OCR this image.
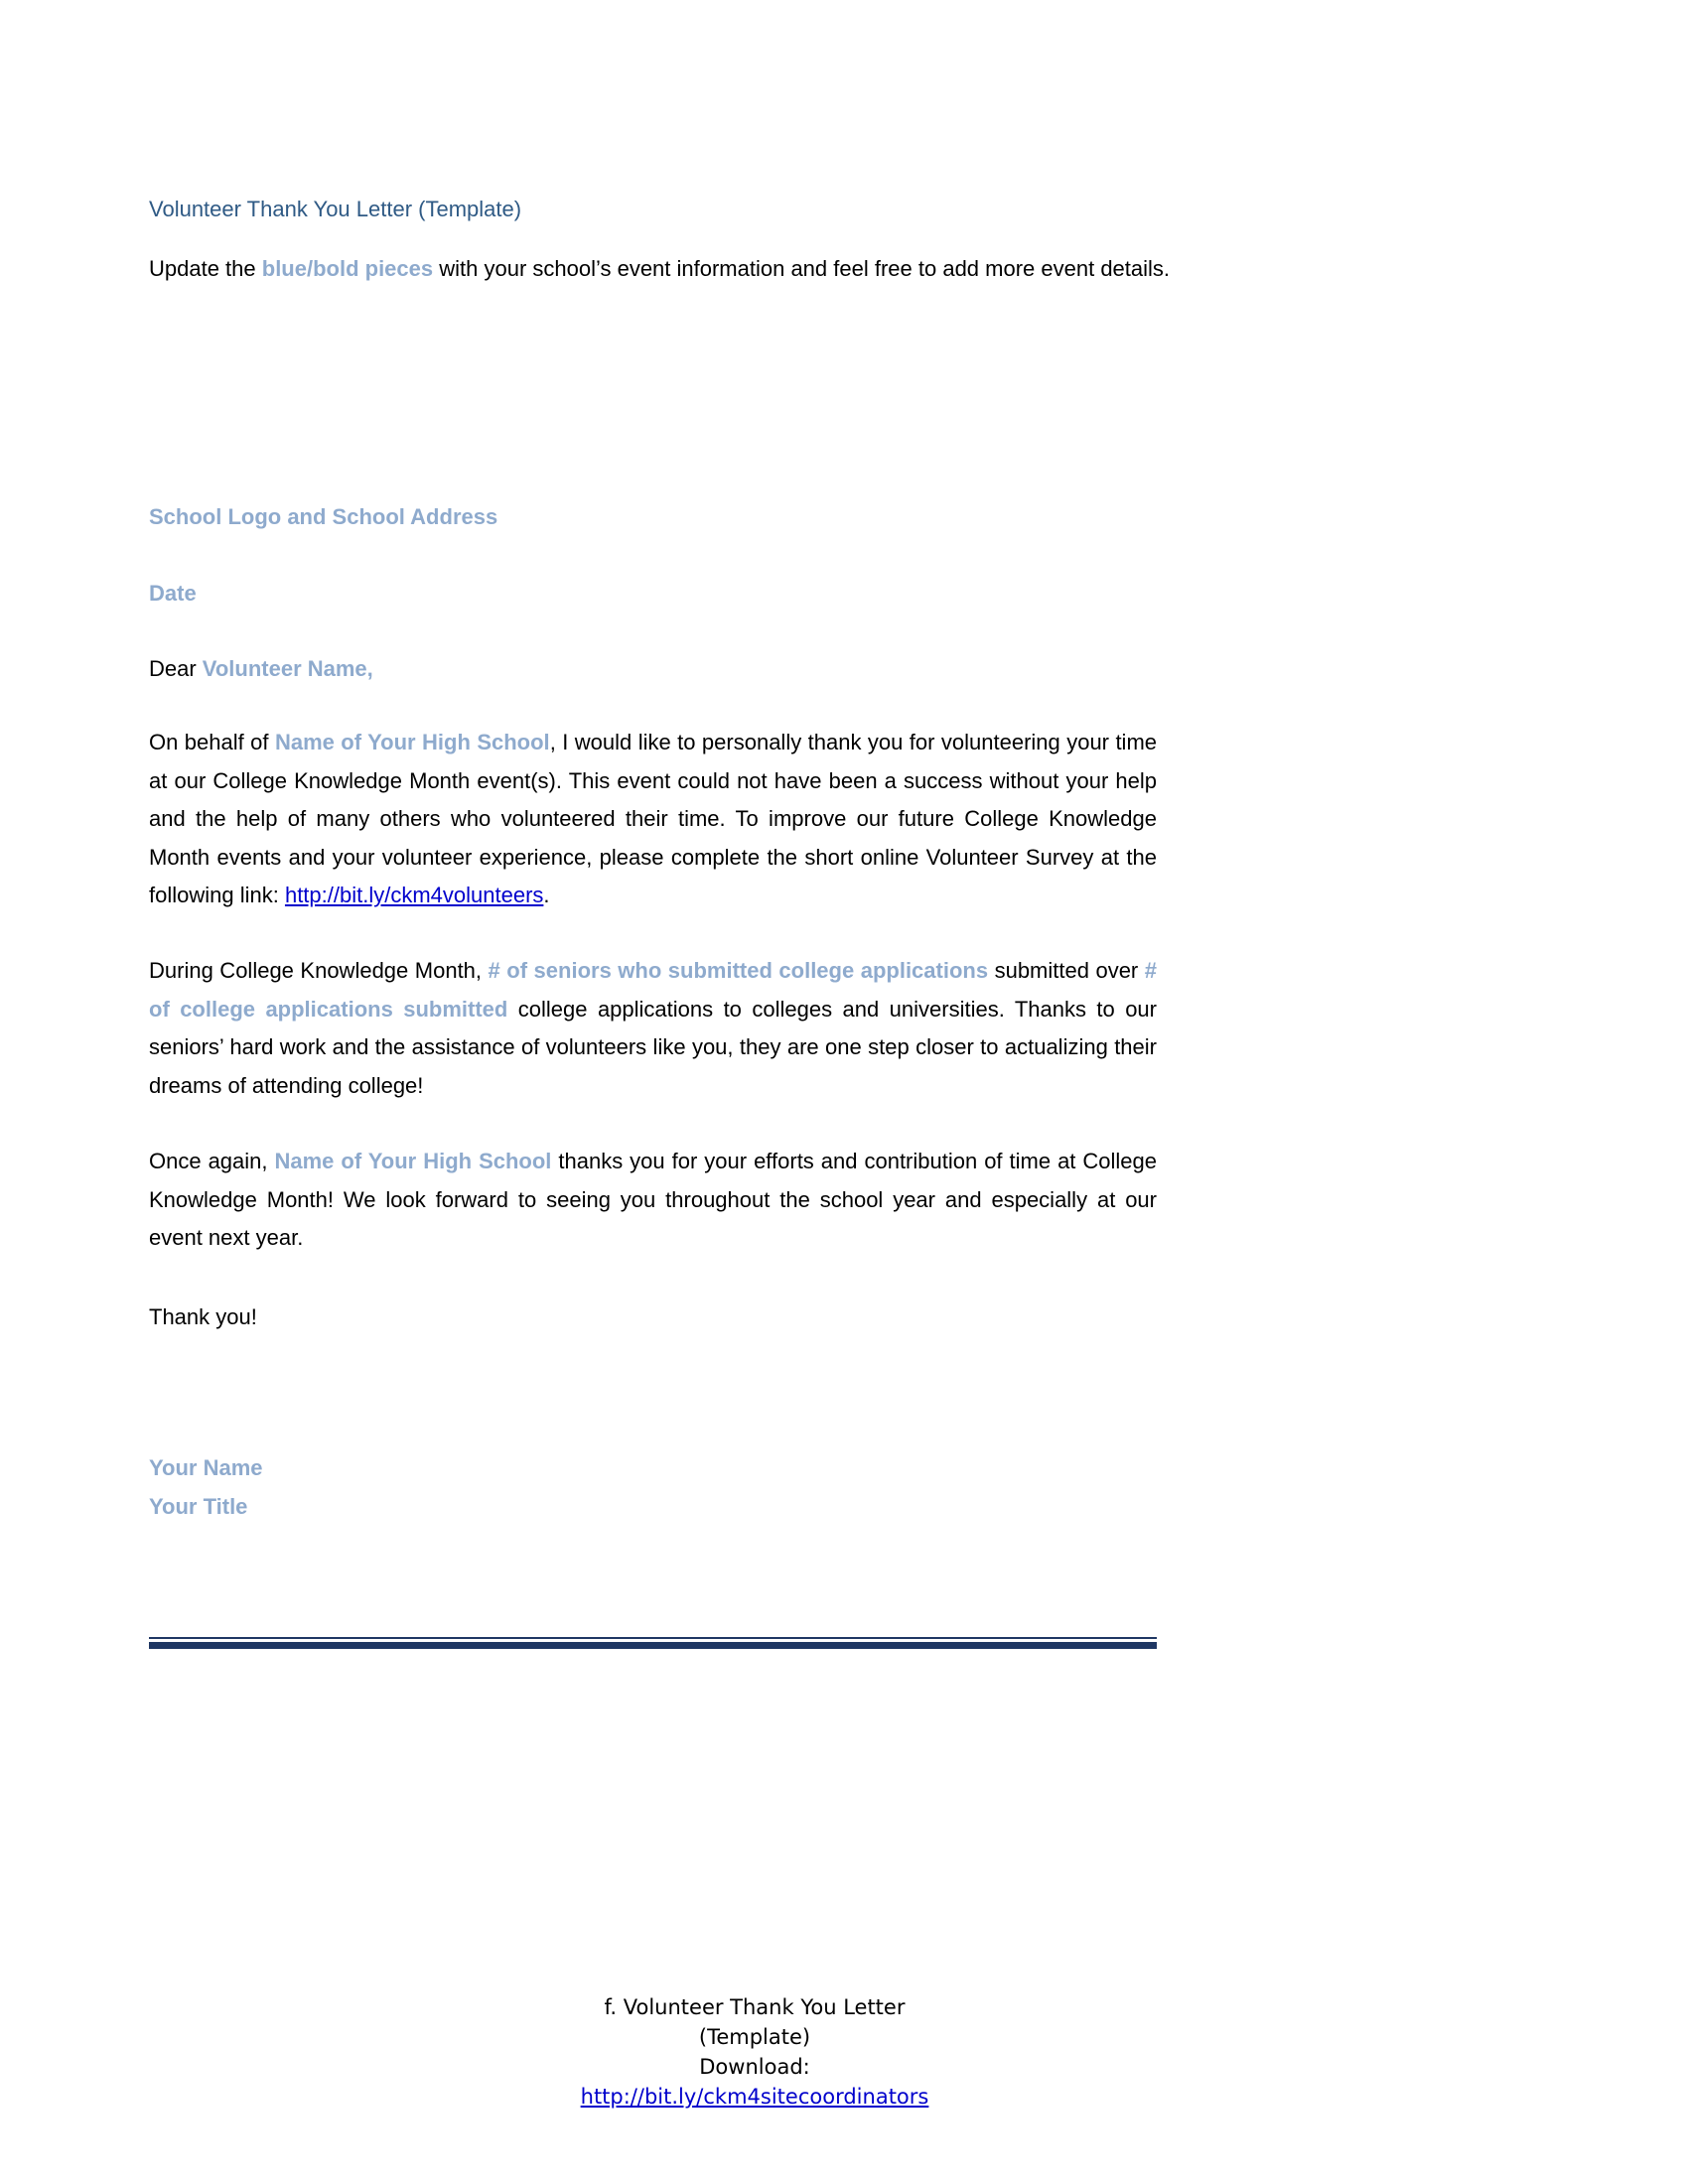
Volunteer Thank You Letter (Template)

Update the blue/bold pieces with your school’s event information and feel free to add more event details.

School Logo and School Address

Date

Dear Volunteer Name,

On behalf of Name of Your High School, I would like to personally thank you for volunteering your time at our College Knowledge Month event(s). This event could not have been a success without your help and the help of many others who volunteered their time. To improve our future College Knowledge Month events and your volunteer experience, please complete the short online Volunteer Survey at the following link: http://bit.ly/ckm4volunteers.

During College Knowledge Month, # of seniors who submitted college applications submitted over # of college applications submitted college applications to colleges and universities. Thanks to our seniors’ hard work and the assistance of volunteers like you, they are one step closer to actualizing their dreams of attending college!

Once again, Name of Your High School thanks you for your efforts and contribution of time at College Knowledge Month! We look forward to seeing you throughout the school year and especially at our event next year.

Thank you!

Your Name
Your Title
f. Volunteer Thank You Letter (Template)
Download: http://bit.ly/ckm4sitecoordinators
